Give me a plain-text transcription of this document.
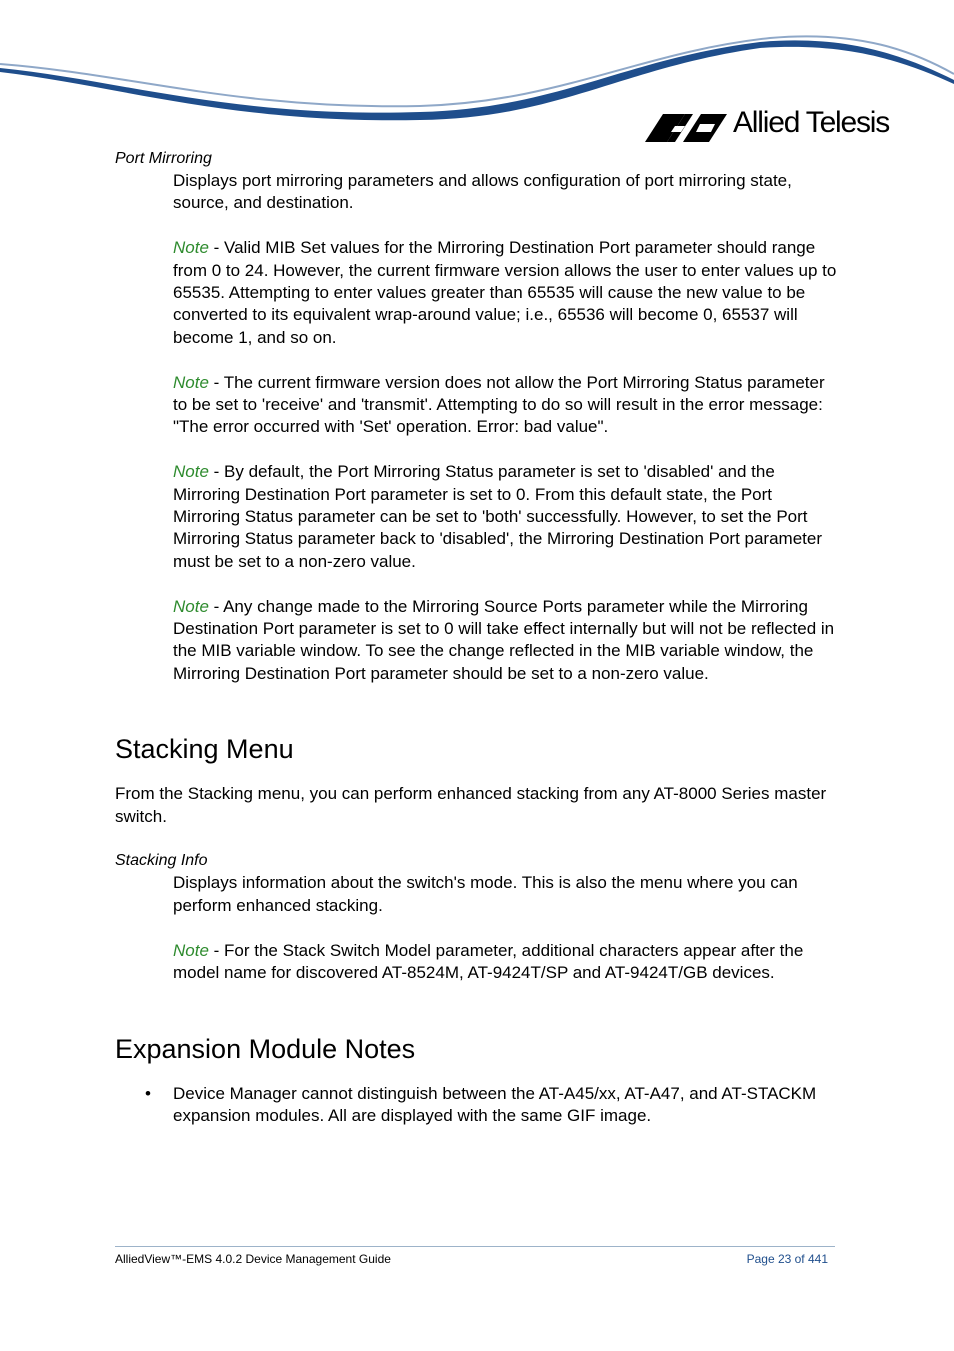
Allied Telesis

Port Mirroring

Displays port mirroring parameters and allows configuration of port mirroring state, source, and destination.

Note - Valid MIB Set values for the Mirroring Destination Port parameter should range from 0 to 24. However, the current firmware version allows the user to enter values up to 65535. Attempting to enter values greater than 65535 will cause the new value to be converted to its equivalent wrap-around value; i.e., 65536 will become 0, 65537 will become 1, and so on.

Note - The current firmware version does not allow the Port Mirroring Status parameter to be set to 'receive' and 'transmit'. Attempting to do so will result in the error message: "The error occurred with 'Set' operation. Error: bad value".

Note - By default, the Port Mirroring Status parameter is set to 'disabled' and the Mirroring Destination Port parameter is set to 0. From this default state, the Port Mirroring Status parameter can be set to 'both' successfully. However, to set the Port Mirroring Status parameter back to 'disabled', the Mirroring Destination Port parameter must be set to a non-zero value.

Note - Any change made to the Mirroring Source Ports parameter while the Mirroring Destination Port parameter is set to 0 will take effect internally but will not be reflected in the MIB variable window. To see the change reflected in the MIB variable window, the Mirroring Destination Port parameter should be set to a non-zero value.

Stacking Menu

From the Stacking menu, you can perform enhanced stacking from any AT-8000 Series master switch.

Stacking Info

Displays information about the switch's mode. This is also the menu where you can perform enhanced stacking.

Note - For the Stack Switch Model parameter, additional characters appear after the model name for discovered AT-8524M, AT-9424T/SP and AT-9424T/GB devices.

Expansion Module Notes
• Device Manager cannot distinguish between the AT-A45/xx, AT-A47, and AT-STACKM expansion modules. All are displayed with the same GIF image.
AlliedView™-EMS 4.0.2 Device Management Guide	Page 23 of 441
